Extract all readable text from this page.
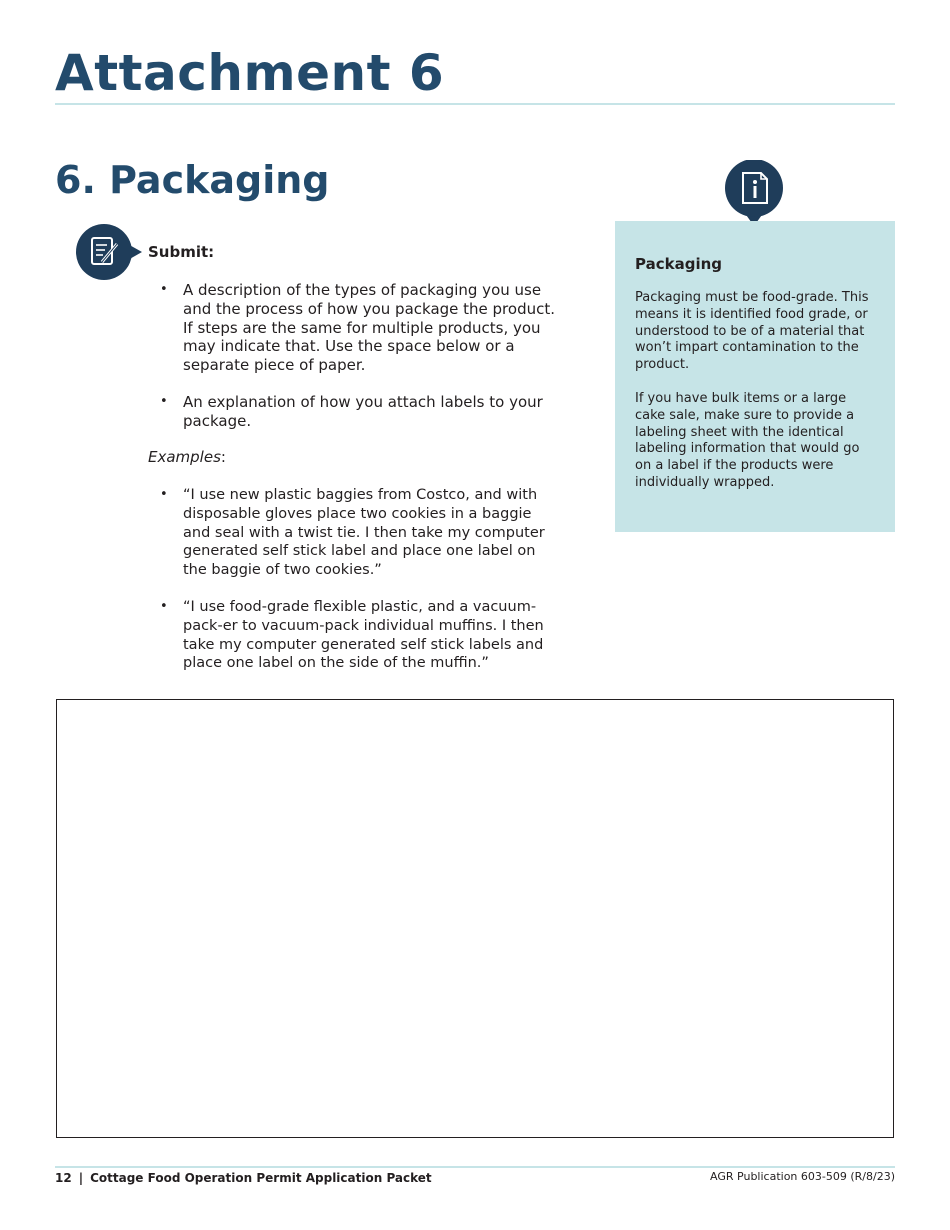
Attachment 6
6. Packaging
Submit:
• A description of the types of packaging you use and the process of how you package the product. If steps are the same for multiple products, you may indicate that. Use the space below or a separate piece of paper.
• An explanation of how you attach labels to your package.
Examples:
• “I use new plastic baggies from Costco, and with disposable gloves place two cookies in a baggie and seal with a twist tie. I then take my computer generated self stick label and place one label on the baggie of two cookies.”
• “I use food-grade flexible plastic, and a vacuum-pack-er to vacuum-pack individual muffins. I then take my computer generated self stick labels and place one label on the side of the muffin.”
Packaging

Packaging must be food-grade. This means it is identified food grade, or understood to be of a material that won’t impart contamination to the product.

If you have bulk items or a large cake sale, make sure to provide a labeling sheet with the identical labeling information that would go on a label if the products were individually wrapped.

12 | Cottage Food Operation Permit Application Packet	AGR Publication 603-509 (R/8/23)
